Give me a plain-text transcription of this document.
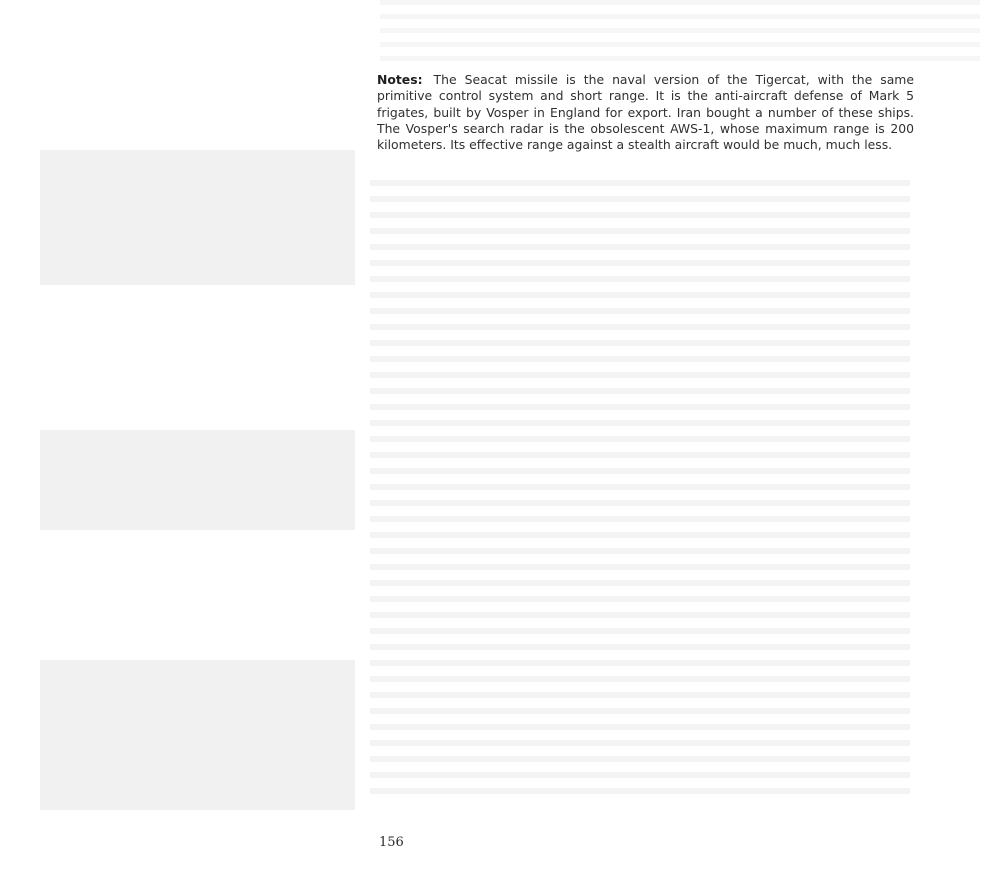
Notes: The Seacat missile is the naval version of the Tigercat, with the same primitive control system and short range. It is the anti-aircraft defense of Mark 5 frigates, built by Vosper in England for export. Iran bought a number of these ships. The Vosper's search radar is the obsolescent AWS-1, whose maximum range is 200 kilometers. Its effective range against a stealth aircraft would be much, much less.

156
